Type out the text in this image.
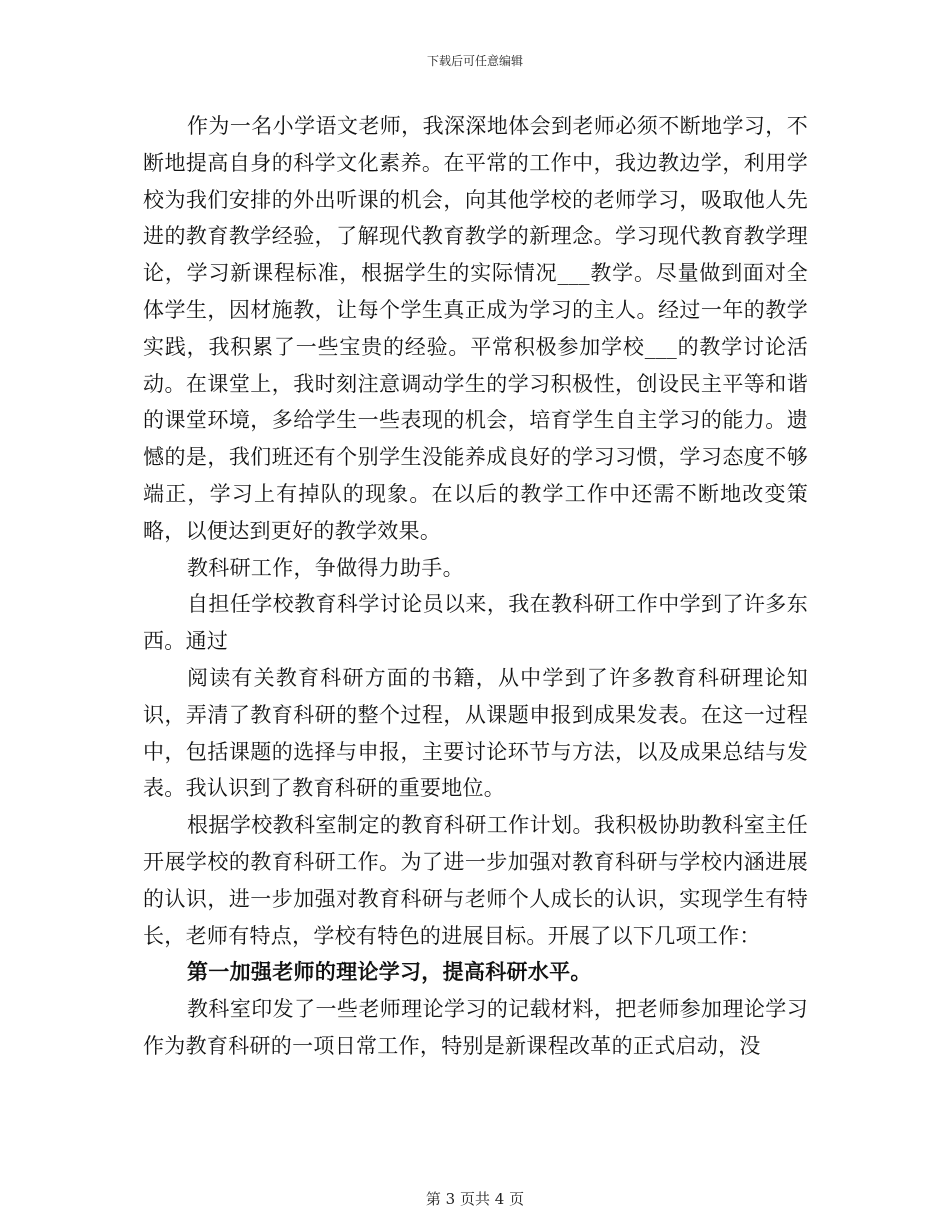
下载后可任意编辑

作为一名小学语文老师，我深深地体会到老师必须不断地学习，不断地提高自身的科学文化素养。在平常的工作中，我边教边学，利用学校为我们安排的外出听课的机会，向其他学校的老师学习，吸取他人先进的教育教学经验，了解现代教育教学的新理念。学习现代教育教学理论，学习新课程标准，根据学生的实际情况___教学。尽量做到面对全体学生，因材施教，让每个学生真正成为学习的主人。经过一年的教学实践，我积累了一些宝贵的经验。平常积极参加学校___的教学讨论活动。在课堂上，我时刻注意调动学生的学习积极性，创设民主平等和谐的课堂环境，多给学生一些表现的机会，培育学生自主学习的能力。遗憾的是，我们班还有个别学生没能养成良好的学习习惯，学习态度不够端正，学习上有掉队的现象。在以后的教学工作中还需不断地改变策略，以便达到更好的教学效果。

教科研工作，争做得力助手。

自担任学校教育科学讨论员以来，我在教科研工作中学到了许多东西。通过

阅读有关教育科研方面的书籍，从中学到了许多教育科研理论知识，弄清了教育科研的整个过程，从课题申报到成果发表。在这一过程中，包括课题的选择与申报，主要讨论环节与方法，以及成果总结与发表。我认识到了教育科研的重要地位。

根据学校教科室制定的教育科研工作计划。我积极协助教科室主任开展学校的教育科研工作。为了进一步加强对教育科研与学校内涵进展的认识，进一步加强对教育科研与老师个人成长的认识，实现学生有特长，老师有特点，学校有特色的进展目标。开展了以下几项工作：

第一加强老师的理论学习，提高科研水平。

教科室印发了一些老师理论学习的记载材料，把老师参加理论学习作为教育科研的一项日常工作，特别是新课程改革的正式启动，没

第 3 页共 4 页
